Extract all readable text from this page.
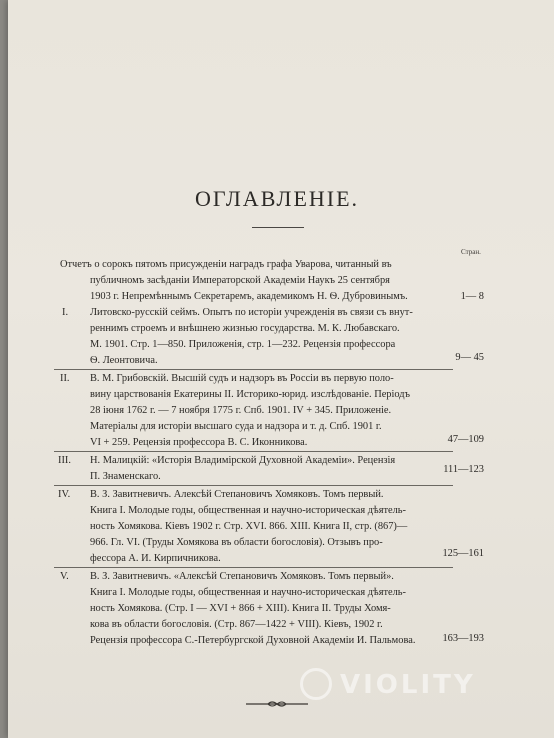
ОГЛАВЛЕНIЕ.
Стран.
Отчетъ о сорокъ пятомъ присужденiи наградъ графа Уварова, читанный въ
публичномъ засѣданiи Императорской Академiи Наукъ 25 сентября
1903 г. Непремѣннымъ Секретаремъ, академикомъ Н. Ѳ. Дубровинымъ.	1— 8
I. Литовско-русскiй сеймъ. Опытъ по исторiи учрежденiя въ связи съ внут-
реннимъ строемъ и внѣшнею жизнью государства. М. К. Любавскаго.
М. 1901. Стр. 1—850. Приложенiя, стр. 1—232. Рецензiя профессора
Ѳ. Леонтовича.	9— 45
II. В. М. Грибовскiй. Высшiй судъ и надзоръ въ Россiи въ первую поло-
вину царствованiя Екатерины II. Историко-юрид. изслѣдованiе. Перiодъ
28 iюня 1762 г. — 7 ноября 1775 г. Спб. 1901. IV + 345. Приложенiе.
Матерiалы для исторiи высшаго суда и надзора и т. д. Спб. 1901 г.
VI + 259. Рецензiя профессора В. С. Иконникова.	47—109
III. Н. Малицкiй: «Исторiя Владимiрской Духовной Академiи». Рецензiя
П. Знаменскаго.
111—123
IV. В. З. Завитневичъ. Алексѣй Степановичъ Хомяковъ. Томъ первый.
Книга I. Молодые годы, общественная и научно-историческая дѣятель-
ность Хомякова. Кiевъ 1902 г. Стр. XVI. 866. XIII. Книга II, стр. (867)—
966. Гл. VI. (Труды Хомякова въ области богословiя). Отзывъ про-
фессора А. И. Кирпичникова.	125—161
V. В. З. Завитневичъ. «Алексѣй Степановичъ Хомяковъ. Томъ первый».
Книга I. Молодые годы, общественная и научно-историческая дѣятель-
ность Хомякова. (Стр. I — XVI + 866 + XIII). Книга II. Труды Хомя-
кова въ области богословiя. (Стр. 867—1422 + VIII). Кiевъ, 1902 г.
Рецензiя профессора С.-Петербургской Духовной Академiи И. Пальмова.	163—193
VIOLITY
